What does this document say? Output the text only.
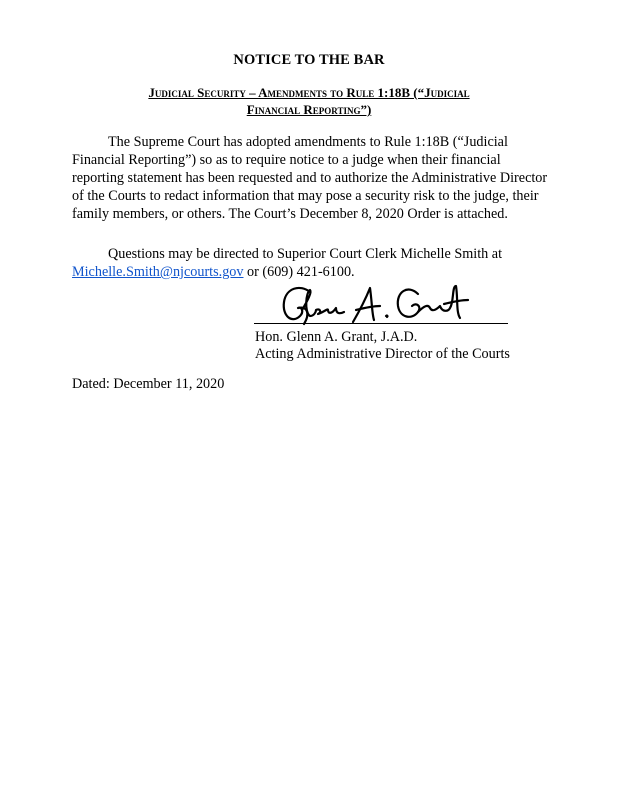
NOTICE TO THE BAR
Judicial Security – Amendments to Rule 1:18B (“Judicial
Financial Reporting”)

The Supreme Court has adopted amendments to Rule 1:18B (“Judicial Financial Reporting”) so as to require notice to a judge when their financial reporting statement has been requested and to authorize the Administrative Director of the Courts to redact information that may pose a security risk to the judge, their family members, or others. The Court’s December 8, 2020 Order is attached.

Questions may be directed to Superior Court Clerk Michelle Smith at Michelle.Smith@njcourts.gov or (609) 421-6100.

Hon. Glenn A. Grant, J.A.D.
Acting Administrative Director of the Courts
Dated: December 11, 2020
